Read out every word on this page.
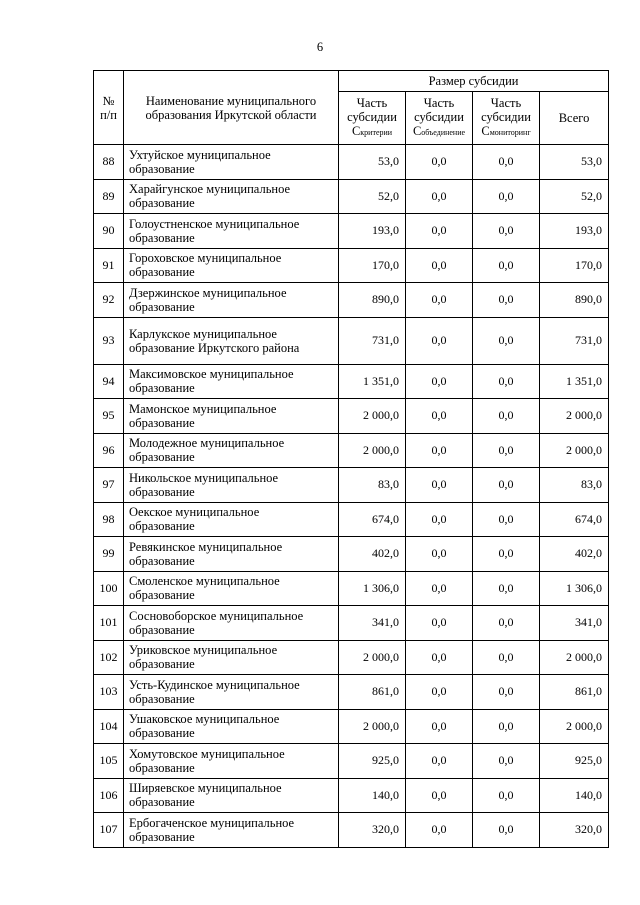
6
№
п/п	Наименование муниципального
образования Иркутской области	Размер субсидии			
		Часть
субсидии
Скритерии	Часть
субсидии
Собъединение	Часть
субсидии
Смониторинг	Всего
88	Ухтуйское муниципальное
образование	53,0	0,0	0,0	53,0
89	Харайгунское муниципальное
образование	52,0	0,0	0,0	52,0
90	Голоустненское муниципальное
образование	193,0	0,0	0,0	193,0
91	Гороховское муниципальное
образование	170,0	0,0	0,0	170,0
92	Дзержинское муниципальное
образование	890,0	0,0	0,0	890,0
93	Карлукское муниципальное
образование Иркутского района	731,0	0,0	0,0	731,0
94	Максимовское муниципальное
образование	1 351,0	0,0	0,0	1 351,0
95	Мамонское муниципальное
образование	2 000,0	0,0	0,0	2 000,0
96	Молодежное муниципальное
образование	2 000,0	0,0	0,0	2 000,0
97	Никольское муниципальное
образование	83,0	0,0	0,0	83,0
98	Оекское муниципальное
образование	674,0	0,0	0,0	674,0
99	Ревякинское муниципальное
образование	402,0	0,0	0,0	402,0
100	Смоленское муниципальное
образование	1 306,0	0,0	0,0	1 306,0
101	Сосновоборское муниципальное
образование	341,0	0,0	0,0	341,0
102	Уриковское муниципальное
образование	2 000,0	0,0	0,0	2 000,0
103	Усть-Кудинское муниципальное
образование	861,0	0,0	0,0	861,0
104	Ушаковское муниципальное
образование	2 000,0	0,0	0,0	2 000,0
105	Хомутовское муниципальное
образование	925,0	0,0	0,0	925,0
106	Ширяевское муниципальное
образование	140,0	0,0	0,0	140,0
107	Ербогаченское муниципальное
образование	320,0	0,0	0,0	320,0
